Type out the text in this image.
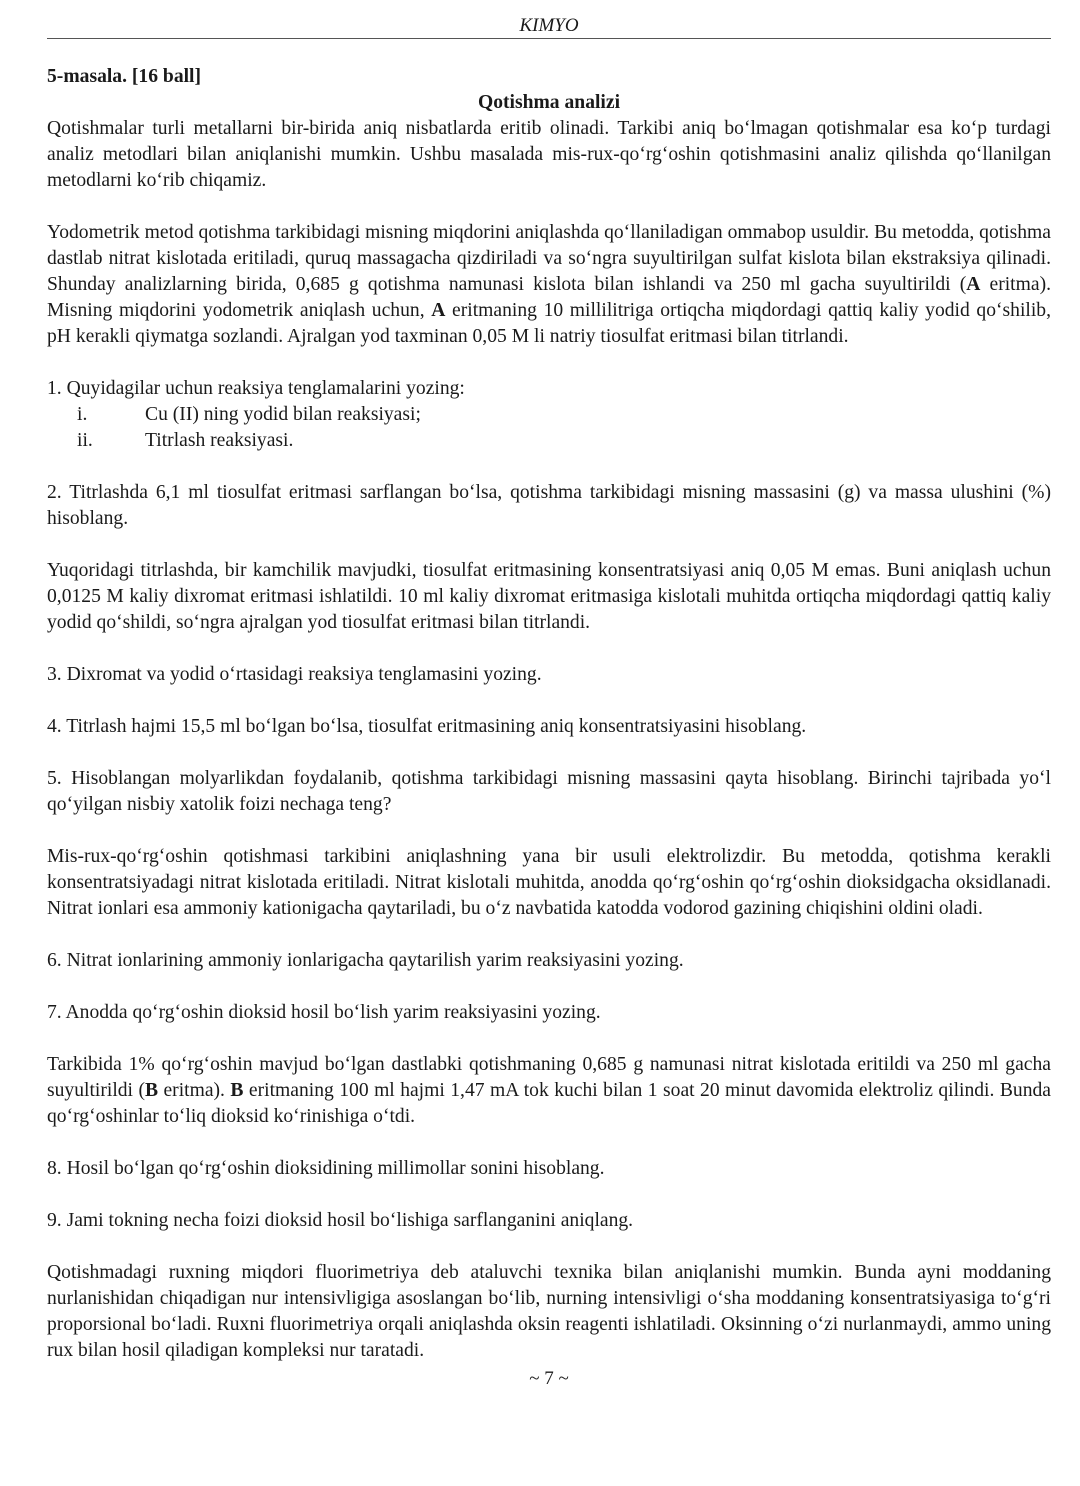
KIMYO
5-masala. [16 ball]
Qotishma analizi

Qotishmalar turli metallarni bir-birida aniq nisbatlarda eritib olinadi. Tarkibi aniq bo‘lmagan qotishmalar esa ko‘p turdagi analiz metodlari bilan aniqlanishi mumkin. Ushbu masalada mis-rux-qo‘rg‘oshin qotishmasini analiz qilishda qo‘llanilgan metodlarni ko‘rib chiqamiz.

Yodometrik metod qotishma tarkibidagi misning miqdorini aniqlashda qo‘llaniladigan ommabop usuldir. Bu metodda, qotishma dastlab nitrat kislotada eritiladi, quruq massagacha qizdiriladi va so‘ngra suyultirilgan sulfat kislota bilan ekstraksiya qilinadi. Shunday analizlarning birida, 0,685 g qotishma namunasi kislota bilan ishlandi va 250 ml gacha suyultirildi (A eritma). Misning miqdorini yodometrik aniqlash uchun, A eritmaning 10 millilitriga ortiqcha miqdordagi qattiq kaliy yodid qo‘shilib, pH kerakli qiymatga sozlandi. Ajralgan yod taxminan 0,05 M li natriy tiosulfat eritmasi bilan titrlandi.

1. Quyidagilar uchun reaksiya tenglamalarini yozing:

i.	Cu (II) ning yodid bilan reaksiyasi;
ii.	Titrlash reaksiyasi.

2. Titrlashda 6,1 ml tiosulfat eritmasi sarflangan bo‘lsa, qotishma tarkibidagi misning massasini (g) va massa ulushini (%) hisoblang.

Yuqoridagi titrlashda, bir kamchilik mavjudki, tiosulfat eritmasining konsentratsiyasi aniq 0,05 M emas. Buni aniqlash uchun 0,0125 M kaliy dixromat eritmasi ishlatildi. 10 ml kaliy dixromat eritmasiga kislotali muhitda ortiqcha miqdordagi qattiq kaliy yodid qo‘shildi, so‘ngra ajralgan yod tiosulfat eritmasi bilan titrlandi.

3. Dixromat va yodid o‘rtasidagi reaksiya tenglamasini yozing.

4. Titrlash hajmi 15,5 ml bo‘lgan bo‘lsa, tiosulfat eritmasining aniq konsentratsiyasini hisoblang.

5. Hisoblangan molyarlikdan foydalanib, qotishma tarkibidagi misning massasini qayta hisoblang. Birinchi tajribada yo‘l qo‘yilgan nisbiy xatolik foizi nechaga teng?

Mis-rux-qo‘rg‘oshin qotishmasi tarkibini aniqlashning yana bir usuli elektrolizdir. Bu metodda, qotishma kerakli konsentratsiyadagi nitrat kislotada eritiladi. Nitrat kislotali muhitda, anodda qo‘rg‘oshin qo‘rg‘oshin dioksidgacha oksidlanadi. Nitrat ionlari esa ammoniy kationigacha qaytariladi, bu o‘z navbatida katodda vodorod gazining chiqishini oldini oladi.

6. Nitrat ionlarining ammoniy ionlarigacha qaytarilish yarim reaksiyasini yozing.

7. Anodda qo‘rg‘oshin dioksid hosil bo‘lish yarim reaksiyasini yozing.

Tarkibida 1% qo‘rg‘oshin mavjud bo‘lgan dastlabki qotishmaning 0,685 g namunasi nitrat kislotada eritildi va 250 ml gacha suyultirildi (B eritma). B eritmaning 100 ml hajmi 1,47 mA tok kuchi bilan 1 soat 20 minut davomida elektroliz qilindi. Bunda qo‘rg‘oshinlar to‘liq dioksid ko‘rinishiga o‘tdi.

8. Hosil bo‘lgan qo‘rg‘oshin dioksidining millimollar sonini hisoblang.

9. Jami tokning necha foizi dioksid hosil bo‘lishiga sarflanganini aniqlang.

Qotishmadagi ruxning miqdori fluorimetriya deb ataluvchi texnika bilan aniqlanishi mumkin. Bunda ayni moddaning nurlanishidan chiqadigan nur intensivligiga asoslangan bo‘lib, nurning intensivligi o‘sha moddaning konsentratsiyasiga to‘g‘ri proporsional bo‘ladi. Ruxni fluorimetriya orqali aniqlashda oksin reagenti ishlatiladi. Oksinning o‘zi nurlanmaydi, ammo uning rux bilan hosil qiladigan kompleksi nur taratadi.

~ 7 ~
